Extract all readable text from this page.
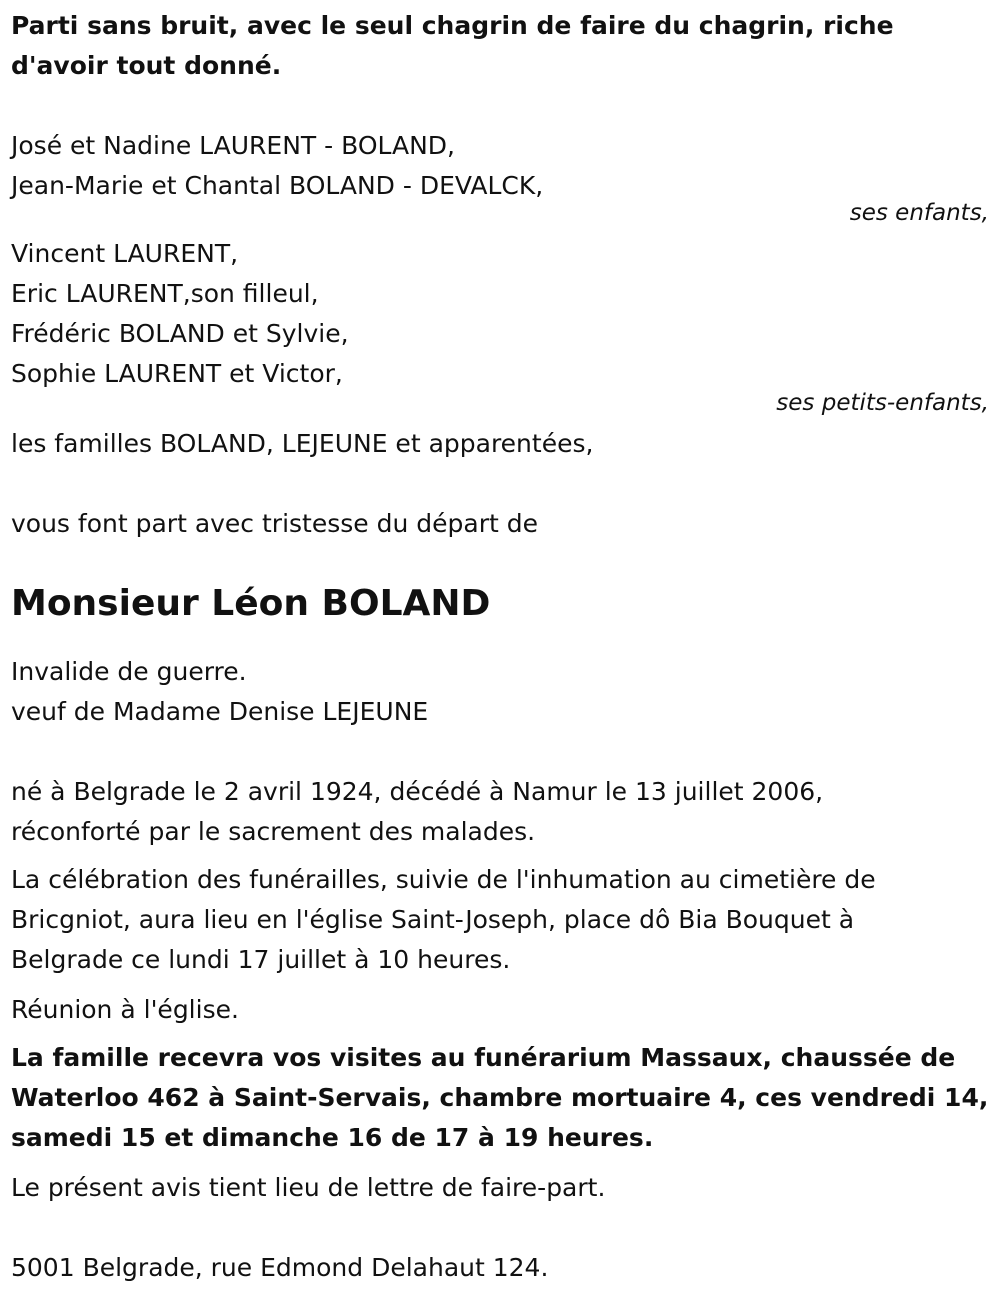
Parti sans bruit, avec le seul chagrin de faire du chagrin, riche d'avoir tout donné.
José et Nadine LAURENT - BOLAND,
Jean-Marie et Chantal BOLAND - DEVALCK,
ses enfants,
Vincent LAURENT,
Eric LAURENT,son filleul,
Frédéric BOLAND et Sylvie,
Sophie LAURENT et Victor,
ses petits-enfants,
les familles BOLAND, LEJEUNE et apparentées,
vous font part avec tristesse du départ de
Monsieur Léon BOLAND
Invalide de guerre.
veuf de Madame Denise LEJEUNE
né à Belgrade le 2 avril 1924, décédé à Namur le 13 juillet 2006,
réconforté par le sacrement des malades.
La célébration des funérailles, suivie de l'inhumation au cimetière de
Bricgniot, aura lieu en l'église Saint-Joseph, place dô Bia Bouquet à
Belgrade ce lundi 17 juillet à 10 heures.
Réunion à l'église.
La famille recevra vos visites au funérarium Massaux, chaussée de
Waterloo 462 à Saint-Servais, chambre mortuaire 4, ces vendredi 14,
samedi 15 et dimanche 16 de 17 à 19 heures.
Le présent avis tient lieu de lettre de faire-part.
5001 Belgrade, rue Edmond Delahaut 124.
